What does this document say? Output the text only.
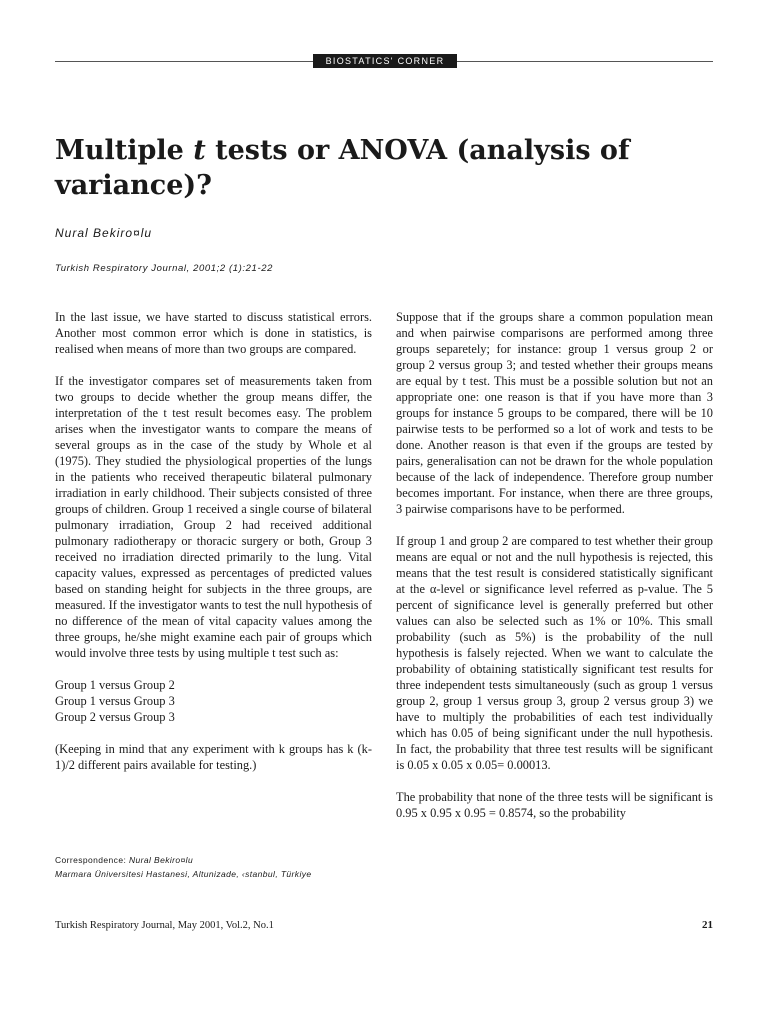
BIOSTATICS' CORNER
Multiple t tests or ANOVA (analysis of variance)?
Nural Bekiro¤lu
Turkish Respiratory Journal, 2001;2 (1):21-22

In the last issue, we have started to discuss statistical errors. Another most common error which is done in statistics, is realised when means of more than two groups are compared.

If the investigator compares set of measurements taken from two groups to decide whether the group means differ, the interpretation of the t test result becomes easy. The problem arises when the investigator wants to compare the means of several groups as in the case of the study by Whole et al (1975). They studied the physiological properties of the lungs in the patients who received therapeutic bilateral pulmonary irradiation in early childhood. Their subjects consisted of three groups of children. Group 1 received a single course of bilateral pulmonary irradiation, Group 2 had received additional pulmonary radiotherapy or thoracic surgery or both, Group 3 received no irradiation directed primarily to the lung. Vital capacity values, expressed as percentages of predicted values based on standing height for subjects in the three groups, are measured. If the investigator wants to test the null hypothesis of no difference of the mean of vital capacity values among the three groups, he/she might examine each pair of groups which would involve three tests by using multiple t test such as:

Group 1 versus Group 2

Group 1 versus Group 3

Group 2 versus Group 3

(Keeping in mind that any experiment with k groups has k (k-1)/2 different pairs available for testing.)

Suppose that if the groups share a common population mean and when pairwise comparisons are performed among three groups separetely; for instance: group 1 versus group 2 or group 2 versus group 3; and tested whether their groups means are equal by t test. This must be a possible solution but not an appropriate one: one reason is that if you have more than 3 groups for instance 5 groups to be compared, there will be 10 pairwise tests to be performed so a lot of work and tests to be done. Another reason is that even if the groups are tested by pairs, generalisation can not be drawn for the whole population because of the lack of independence. Therefore group number becomes important. For instance, when there are three groups, 3 pairwise comparisons have to be performed.

If group 1 and group 2 are compared to test whether their group means are equal or not and the null hypothesis is rejected, this means that the test result is considered statistically significant at the α-level or significance level referred as p-value. The 5 percent of significance level is generally preferred but other values can also be selected such as 1% or 10%. This small probability (such as 5%) is the probability of the null hypothesis is falsely rejected. When we want to calculate the probability of obtaining statistically significant test results for three independent tests simultaneously (such as group 1 versus group 2, group 1 versus group 3, group 2 versus group 3) we have to multiply the probabilities of each test individually which has 0.05 of being significant under the null hypothesis. In fact, the probability that three test results will be significant is 0.05 x 0.05 x 0.05= 0.00013.

The probability that none of the three tests will be significant is 0.95 x 0.95 x 0.95 = 0.8574, so the probability

Correspondence: Nural Bekiro¤lu
Marmara Üniversitesi Hastanesi, Altunizade, ‹stanbul, Türkiye
Turkish Respiratory Journal, May 2001, Vol.2, No.1	21
